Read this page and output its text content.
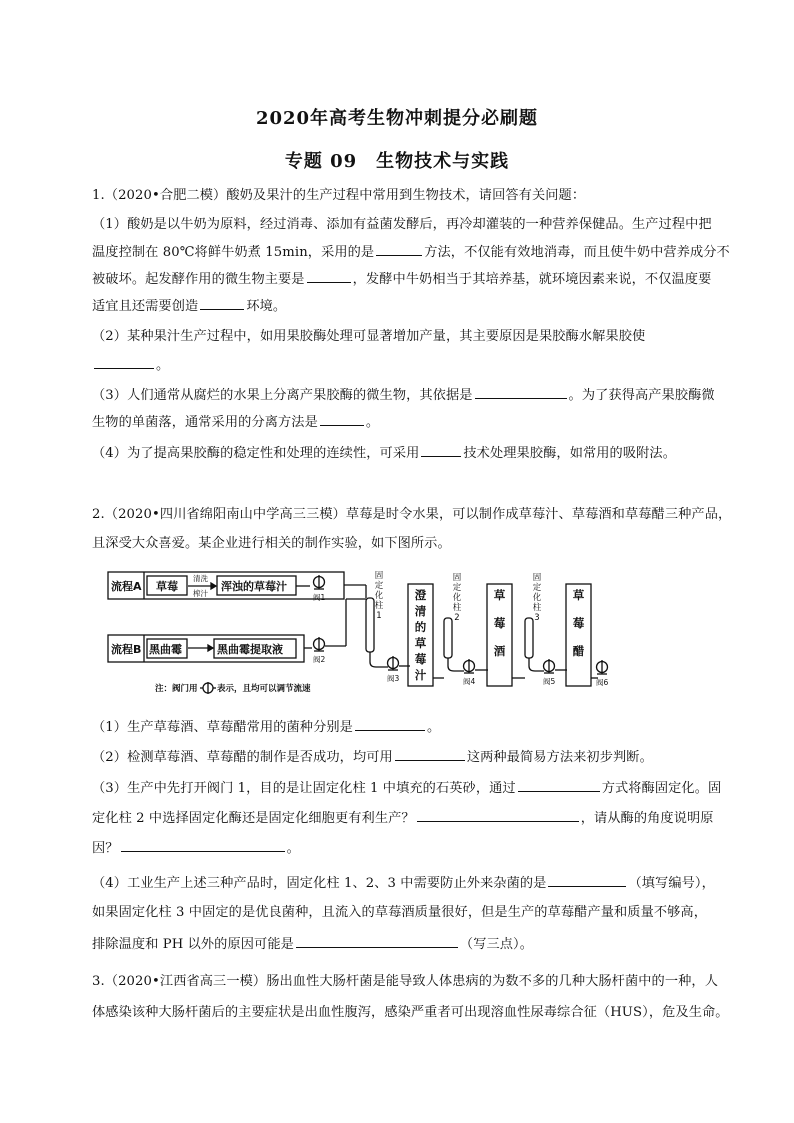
2020年高考生物冲刺提分必刷题
专题 09　生物技术与实践
1.（2020•合肥二模）酸奶及果汁的生产过程中常用到生物技术，请回答有关问题：
（1）酸奶是以牛奶为原料，经过消毒、添加有益菌发酵后，再冷却灌装的一种营养保健品。生产过程中把
温度控制在 80℃将鲜牛奶煮 15min，采用的是	方法，不仅能有效地消毒，而且使牛奶中营养成分不
被破坏。起发酵作用的微生物主要是	，发酵中牛奶相当于其培养基，就环境因素来说，不仅温度要
适宜且还需要创造	环境。
（2）某种果汁生产过程中，如用果胶酶处理可显著增加产量，其主要原因是果胶酶水解果胶使
。
（3）人们通常从腐烂的水果上分离产果胶酶的微生物，其依据是	。为了获得高产果胶酶微
生物的单菌落，通常采用的分离方法是	。
（4）为了提高果胶酶的稳定性和处理的连续性，可采用	技术处理果胶酶，如常用的吸附法。
2.（2020•四川省绵阳南山中学高三三模）草莓是时令水果，可以制作成草莓汁、草莓酒和草莓醋三种产品，
且深受大众喜爱。某企业进行相关的制作实验，如下图所示。
流程A 草莓	浑浊的草莓汁
流程B 黑曲霉	黑曲霉提取液
清洗
榨汁	阀1
阀2
阀3	阀4	阀5	阀6
注：阀门用 表示，且均可以调节流速
固
定
化
柱
1
固
定
化
柱
2
固
定
化
柱
3
澄
清
的
草
莓
汁
草
莓
酒
草
莓
醋
（1）生产草莓酒、草莓醋常用的菌种分别是	。
（2）检测草莓酒、草莓醋的制作是否成功，均可用	这两种最简易方法来初步判断。
（3）生产中先打开阀门 1，目的是让固定化柱 1 中填充的石英砂，通过	方式将酶固定化。固
定化柱 2 中选择固定化酶还是固定化细胞更有利生产？	，请从酶的角度说明原
因？	。
（4）工业生产上述三种产品时，固定化柱 1、2、3 中需要防止外来杂菌的是	（填写编号），
如果固定化柱 3 中固定的是优良菌种，且流入的草莓酒质量很好，但是生产的草莓醋产量和质量不够高，
排除温度和 PH 以外的原因可能是	（写三点）。
3.（2020•江西省高三一模）肠出血性大肠杆菌是能导致人体患病的为数不多的几种大肠杆菌中的一种，人
体感染该种大肠杆菌后的主要症状是出血性腹泻，感染严重者可出现溶血性尿毒综合征（HUS），危及生命。
